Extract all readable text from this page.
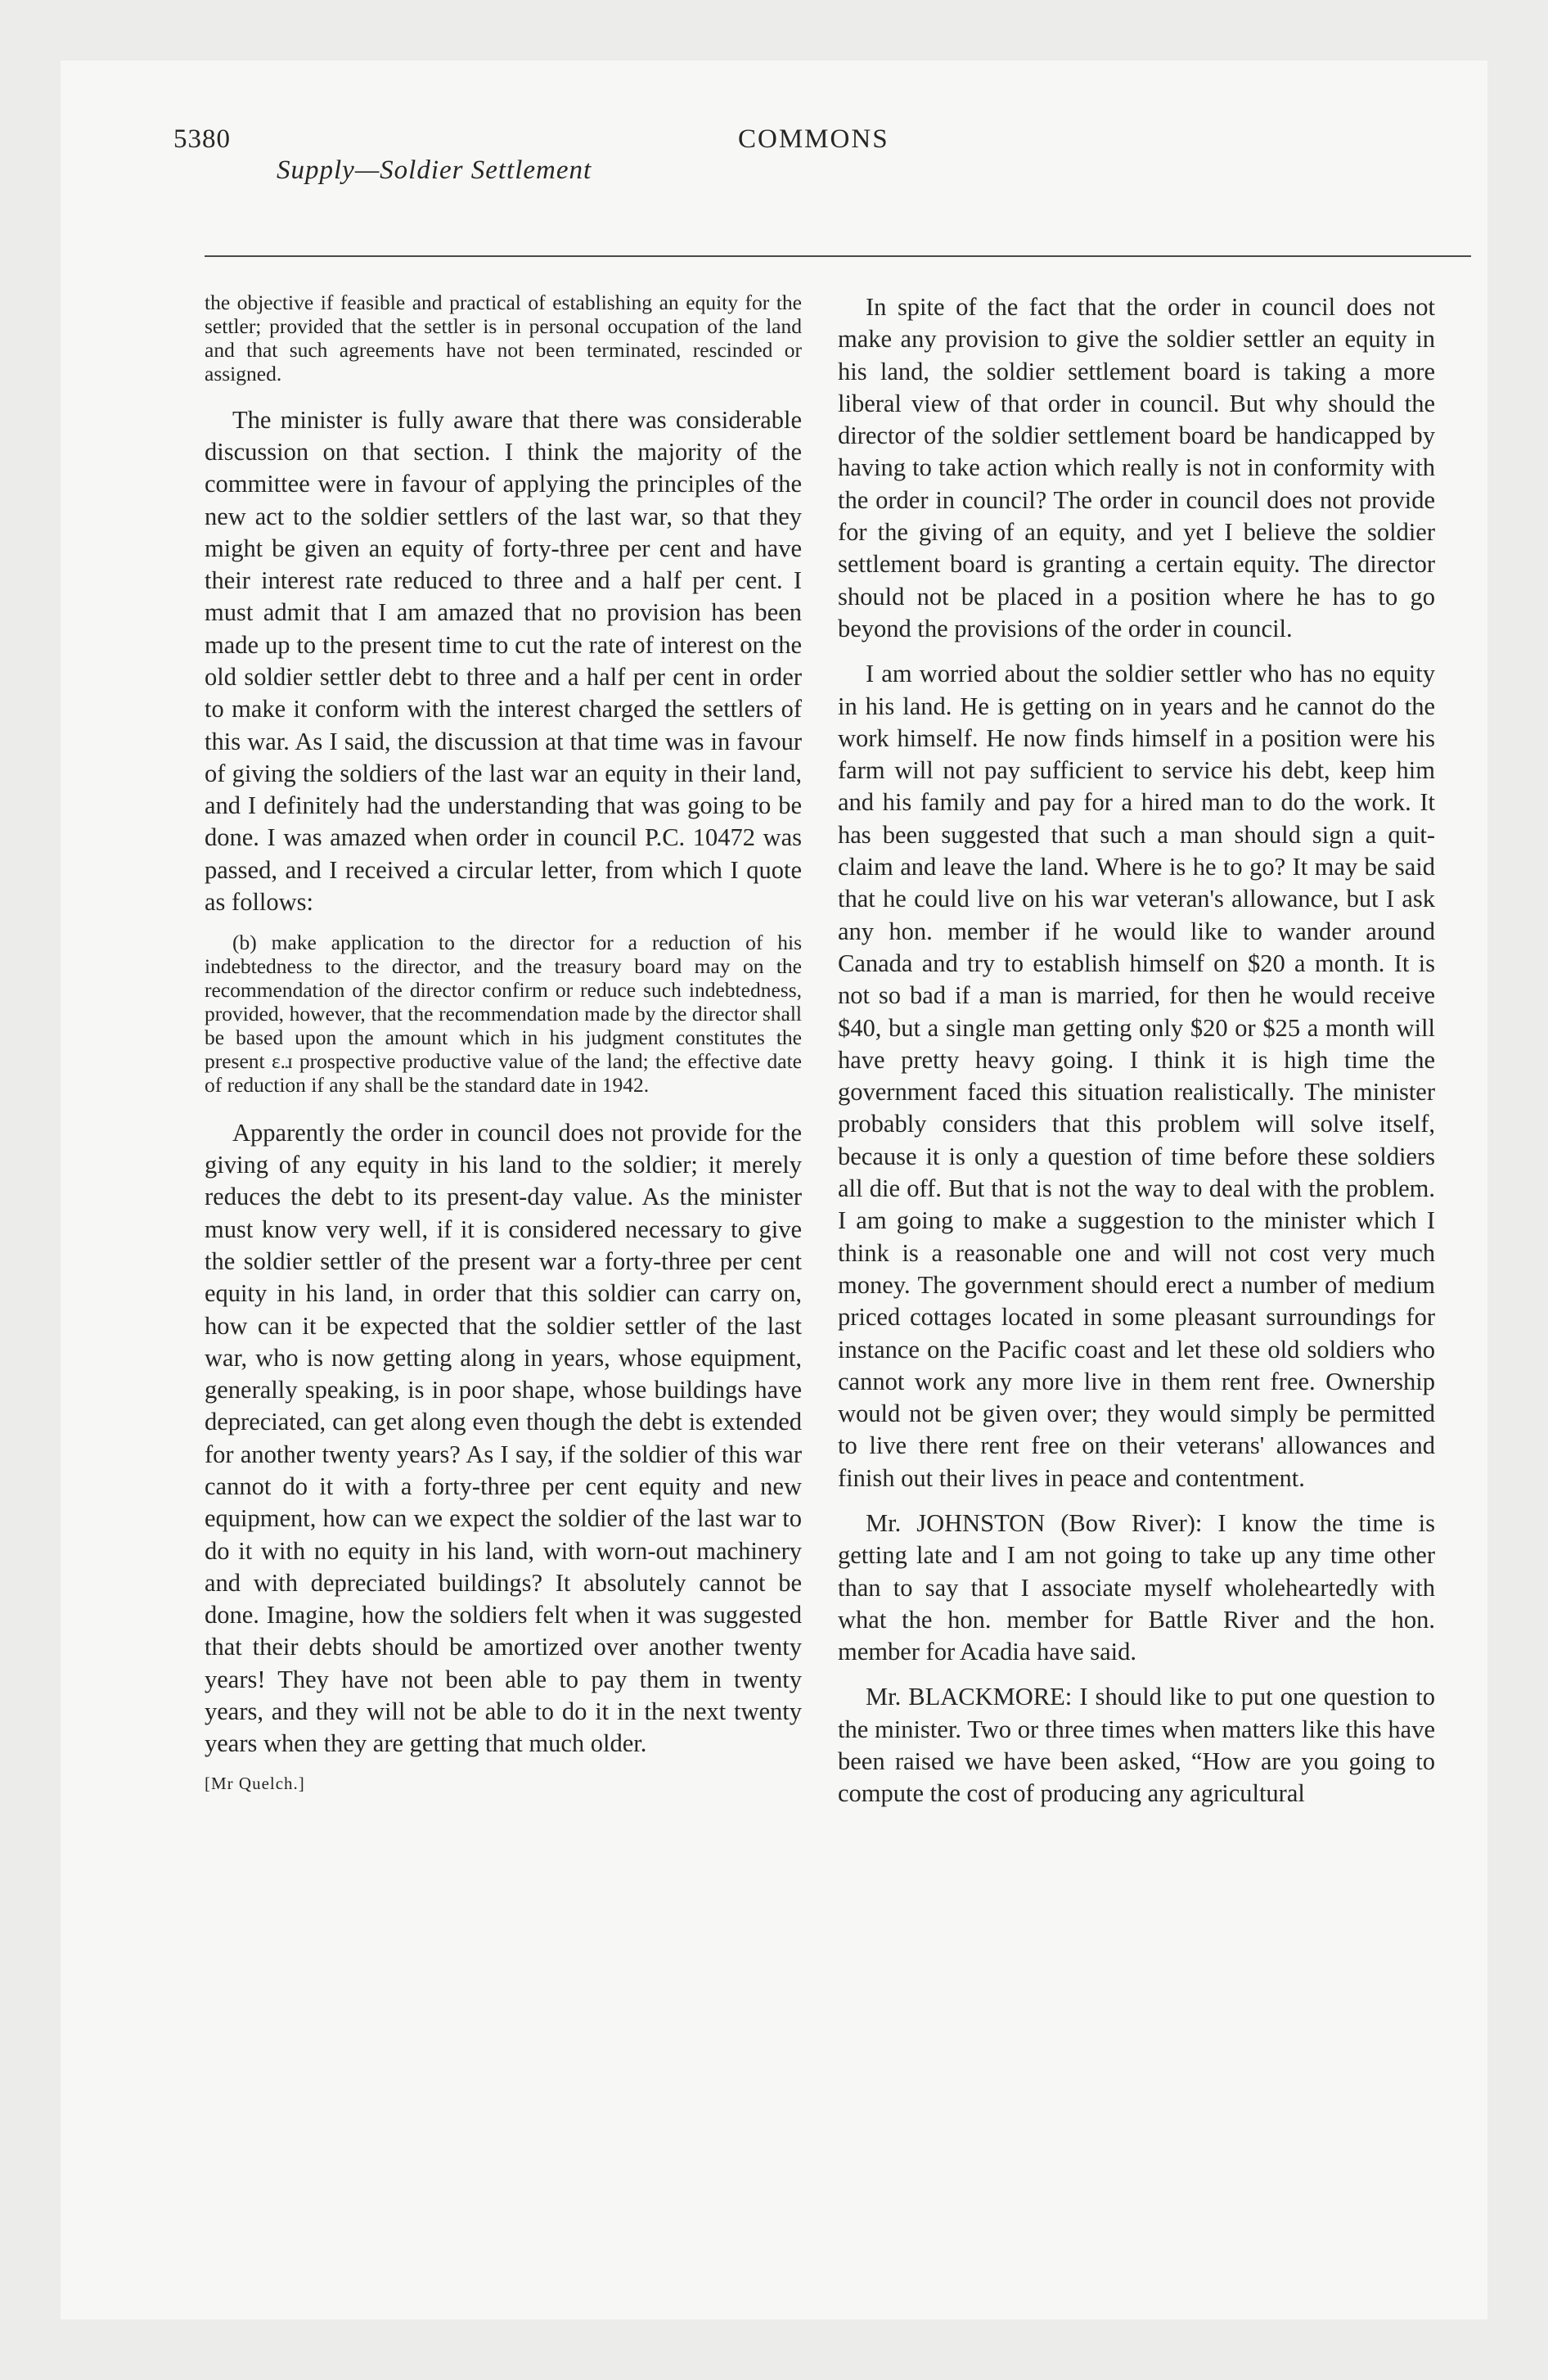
5380	COMMONS
Supply—Soldier Settlement

the objective if feasible and practical of establishing an equity for the settler; provided that the settler is in personal occupation of the land and that such agreements have not been terminated, rescinded or assigned.

The minister is fully aware that there was considerable discussion on that section. I think the majority of the committee were in favour of applying the principles of the new act to the soldier settlers of the last war, so that they might be given an equity of forty-three per cent and have their interest rate reduced to three and a half per cent. I must admit that I am amazed that no provision has been made up to the present time to cut the rate of interest on the old soldier settler debt to three and a half per cent in order to make it conform with the interest charged the settlers of this war. As I said, the discussion at that time was in favour of giving the soldiers of the last war an equity in their land, and I definitely had the understanding that was going to be done. I was amazed when order in council P.C. 10472 was passed, and I received a circular letter, from which I quote as follows:

(b) make application to the director for a reduction of his indebtedness to the director, and the treasury board may on the recommendation of the director confirm or reduce such indebtedness, provided, however, that the recommendation made by the director shall be based upon the amount which in his judgment constitutes the present ε.ɹ prospective productive value of the land; the effective date of reduction if any shall be the standard date in 1942.

Apparently the order in council does not provide for the giving of any equity in his land to the soldier; it merely reduces the debt to its present-day value. As the minister must know very well, if it is considered necessary to give the soldier settler of the present war a forty-three per cent equity in his land, in order that this soldier can carry on, how can it be expected that the soldier settler of the last war, who is now getting along in years, whose equipment, generally speaking, is in poor shape, whose buildings have depreciated, can get along even though the debt is extended for another twenty years? As I say, if the soldier of this war cannot do it with a forty-three per cent equity and new equipment, how can we expect the soldier of the last war to do it with no equity in his land, with worn-out machinery and with depreciated buildings? It absolutely cannot be done. Imagine, how the soldiers felt when it was suggested that their debts should be amortized over another twenty years! They have not been able to pay them in twenty years, and they will not be able to do it in the next twenty years when they are getting that much older.

[Mr Quelch.]

In spite of the fact that the order in council does not make any provision to give the soldier settler an equity in his land, the soldier settlement board is taking a more liberal view of that order in council. But why should the director of the soldier settlement board be handicapped by having to take action which really is not in conformity with the order in council? The order in council does not provide for the giving of an equity, and yet I believe the soldier settlement board is granting a certain equity. The director should not be placed in a position where he has to go beyond the provisions of the order in council.

I am worried about the soldier settler who has no equity in his land. He is getting on in years and he cannot do the work himself. He now finds himself in a position were his farm will not pay sufficient to service his debt, keep him and his family and pay for a hired man to do the work. It has been suggested that such a man should sign a quit-claim and leave the land. Where is he to go? It may be said that he could live on his war veteran's allowance, but I ask any hon. member if he would like to wander around Canada and try to establish himself on $20 a month. It is not so bad if a man is married, for then he would receive $40, but a single man getting only $20 or $25 a month will have pretty heavy going. I think it is high time the government faced this situation realistically. The minister probably considers that this problem will solve itself, because it is only a question of time before these soldiers all die off. But that is not the way to deal with the problem. I am going to make a suggestion to the minister which I think is a reasonable one and will not cost very much money. The government should erect a number of medium priced cottages located in some pleasant surroundings for instance on the Pacific coast and let these old soldiers who cannot work any more live in them rent free. Ownership would not be given over; they would simply be permitted to live there rent free on their veterans' allowances and finish out their lives in peace and contentment.

Mr. JOHNSTON (Bow River): I know the time is getting late and I am not going to take up any time other than to say that I associate myself wholeheartedly with what the hon. member for Battle River and the hon. member for Acadia have said.

Mr. BLACKMORE: I should like to put one question to the minister. Two or three times when matters like this have been raised we have been asked, “How are you going to compute the cost of producing any agricultural
